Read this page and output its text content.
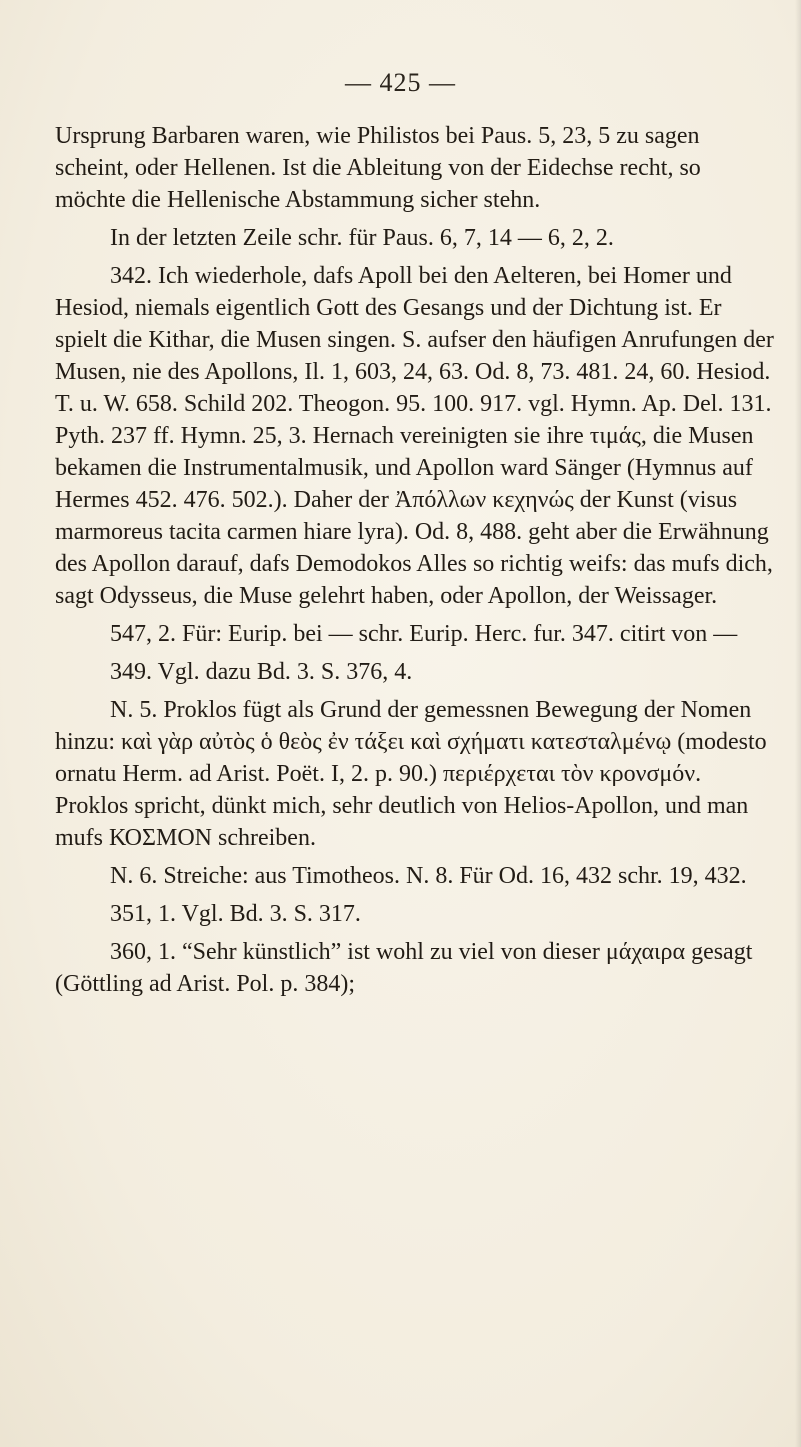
— 425 —

Ursprung Barbaren waren, wie Philistos bei Paus. 5, 23, 5 zu sagen scheint, oder Hellenen. Ist die Ableitung von der Eidechse recht, so möchte die Hellenische Abstammung sicher stehn.

In der letzten Zeile schr. für Paus. 6, 7, 14 — 6, 2, 2.

342. Ich wiederhole, dafs Apoll bei den Aelteren, bei Homer und Hesiod, niemals eigentlich Gott des Gesangs und der Dichtung ist. Er spielt die Kithar, die Musen singen. S. aufser den häufigen Anrufungen der Musen, nie des Apollons, Il. 1, 603, 24, 63. Od. 8, 73. 481. 24, 60. Hesiod. T. u. W. 658. Schild 202. Theogon. 95. 100. 917. vgl. Hymn. Ap. Del. 131. Pyth. 237 ff. Hymn. 25, 3. Hernach vereinigten sie ihre τιμάς, die Musen bekamen die Instrumentalmusik, und Apollon ward Sänger (Hymnus auf Hermes 452. 476. 502.). Daher der Ἀπόλλων κεχηνώς der Kunst (visus marmoreus tacita carmen hiare lyra). Od. 8, 488. geht aber die Erwähnung des Apollon darauf, dafs Demodokos Alles so richtig weifs: das mufs dich, sagt Odysseus, die Muse gelehrt haben, oder Apollon, der Weissager.

547, 2. Für: Eurip. bei — schr. Eurip. Herc. fur. 347. citirt von —

349. Vgl. dazu Bd. 3. S. 376, 4.

N. 5. Proklos fügt als Grund der gemessnen Bewegung der Nomen hinzu: καὶ γὰρ αὐτὸς ὁ θεὸς ἐν τάξει καὶ σχήματι κατεσταλμένῳ (modesto ornatu Herm. ad Arist. Poët. I, 2. p. 90.) περιέρχεται τὸν κρονσμόν. Proklos spricht, dünkt mich, sehr deutlich von Helios-Apollon, und man mufs ΚΟΣΜΟΝ schreiben.

N. 6. Streiche: aus Timotheos. N. 8. Für Od. 16, 432 schr. 19, 432.

351, 1. Vgl. Bd. 3. S. 317.

360, 1. “Sehr künstlich” ist wohl zu viel von dieser μάχαιρα gesagt (Göttling ad Arist. Pol. p. 384);
